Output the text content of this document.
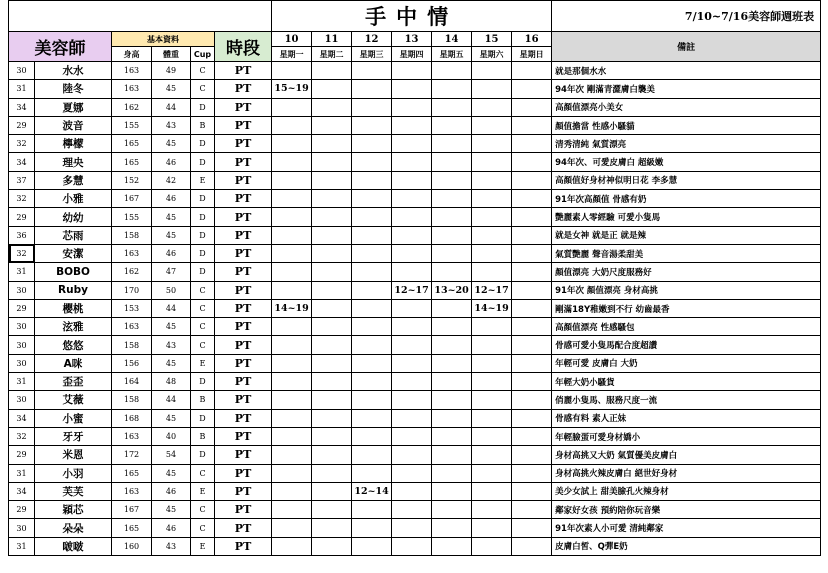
						手中情							7/10~7/16美容師週班表
美容師		基本資料			時段	10	11	12	13	14	15	16	備註
		身高	體重	Cup		星期一	星期二	星期三	星期四	星期五	星期六	星期日	
30	水水	163	49	C	PT								就是那個水水
31	陸冬	163	45	C	PT	15~19							94年次 剛滿青澀膚白襲美
34	夏娜	162	44	D	PT								高顏值漂亮小美女
29	波音	155	43	B	PT								顏值擔當 性感小騷貓
32	檸檬	165	45	D	PT								清秀清純 氣質漂亮
34	理央	165	46	D	PT								94年次、可愛皮膚白 超級嫩
37	多慧	152	42	E	PT								高顏值好身材神似明日花 李多慧
32	小雅	167	46	D	PT								91年次高顏值 骨感有奶
29	幼幼	155	45	D	PT								艷麗素人零經驗 可愛小隻馬
36	芯雨	158	45	D	PT								就是女神 就是正 就是辣
32	安潔	163	46	D	PT								氣質艷麗 聲音湯柔甜美
31	BOBO	162	47	D	PT								顏值漂亮 大奶尺度服務好
30	Ruby	170	50	C	PT				12~17	13~20	12~17		91年次 顏值漂亮 身材高挑
29	櫻桃	153	44	C	PT	14~19					14~19		剛滿18Y稚嫩到不行 幼齒最香
30	泫雅	163	45	C	PT								高顏值漂亮 性感騷包
30	悠悠	158	43	C	PT								骨感可愛小隻馬配合度超讚
30	A咪	156	45	E	PT								年輕可愛 皮膚白 大奶
31	歪歪	164	48	D	PT								年輕大奶小騷貨
30	艾薇	158	44	B	PT								俏麗小隻馬、服務尺度一流
34	小蜜	168	45	D	PT								骨感有料 素人正妹
32	牙牙	163	40	B	PT								年輕臉蛋可愛身材嬌小
29	米恩	172	54	D	PT								身材高挑又大奶 氣質優美皮膚白
31	小羽	165	45	C	PT								身材高挑火辣皮膚白 絕世好身材
34	芙芙	163	46	E	PT			12~14					美少女試上 甜美臉孔火辣身材
29	穎芯	167	45	C	PT								鄰家好女孩 預約陪你玩音樂
30	朵朵	165	46	C	PT								91年次素人小可愛 清純鄰家
31	啵啵	160	43	E	PT								皮膚白皙、Q彈E奶
